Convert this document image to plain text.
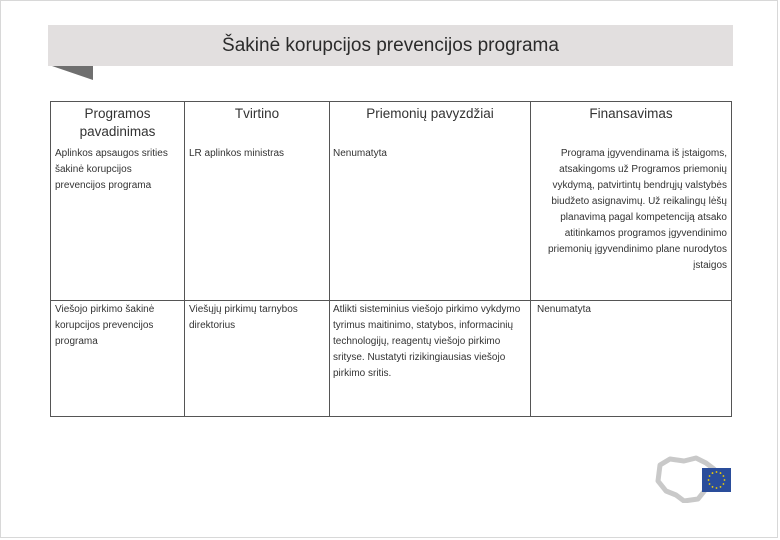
Šakinė korupcijos prevencijos programa
Programos pavadinimas	Tvirtino	Priemonių pavyzdžiai	Finansavimas
Aplinkos apsaugos srities šakinė korupcijos prevencijos programa	LR aplinkos ministras	Nenumatyta	Programa įgyvendinama iš įstaigoms, atsakingoms už Programos priemonių vykdymą, patvirtintų bendrųjų valstybės biudžeto asignavimų. Už reikalingų lėšų planavimą pagal kompetenciją atsako atitinkamos programos įgyvendinimo priemonių įgyvendinimo plane nurodytos įstaigos
Viešojo pirkimo šakinė korupcijos prevencijos programa	Viešųjų pirkimų tarnybos direktorius	Atlikti sisteminius viešojo pirkimo vykdymo tyrimus maitinimo, statybos, informacinių technologijų, reagentų viešojo pirkimo srityse. Nustatyti rizikingiausias viešojo pirkimo sritis.	Nenumatyta
